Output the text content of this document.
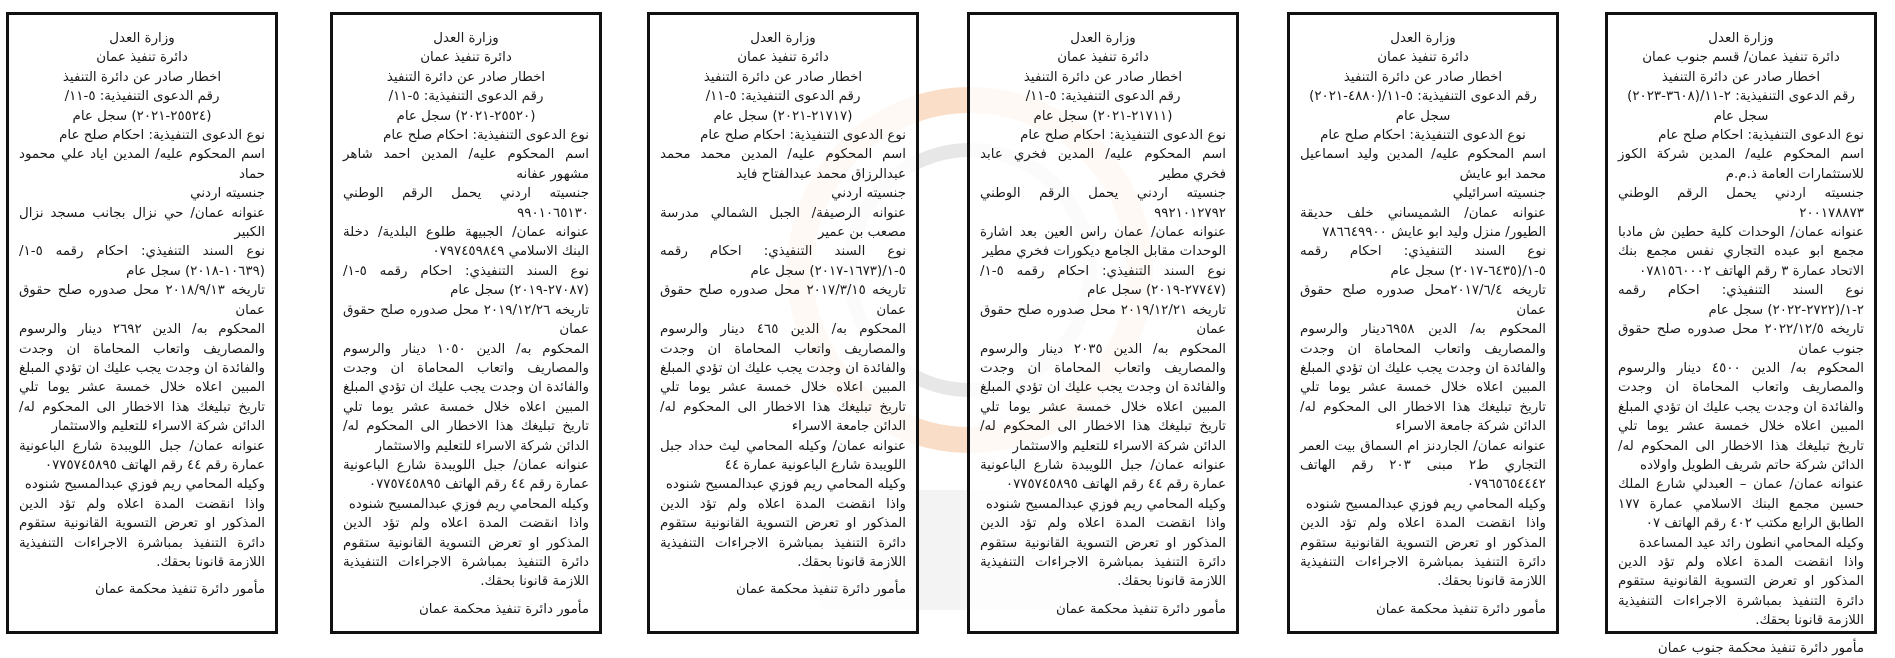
وزارة العدل
دائرة تنفيذ عمان/ قسم جنوب عمان
اخطار صادر عن دائرة التنفيذ
رقم الدعوى التنفيذية: ٢-١١/(٣٦٠٨-٢٠٢٣)
سجل عام
نوع الدعوى التنفيذية: احكام صلح عام
اسم المحكوم عليه/ المدين شركة الكوز للاستثمارات العامة ذ.م.م
جنسيته اردني يحمل الرقم الوطني ٢٠٠١٧٨٨٧٣
عنوانه عمان/ الوحدات كلية حطين ش مادبا مجمع ابو عبده التجاري نفس مجمع بنك الاتحاد عمارة ٣ رقم الهاتف ٠٧٨١٥٦٠٠٠٢
نوع السند التنفيذي: احكام رقمه ٢-١/(٢٧٢٢-٢٠٢٢) سجل عام
تاريخه ٢٠٢٢/١٢/٥ محل صدوره صلح حقوق جنوب عمان
المحكوم به/ الدين ٤٥٠٠ دينار والرسوم والمصاريف واتعاب المحاماة ان وجدت والفائدة ان وجدت يجب عليك ان تؤدي المبلغ المبين اعلاه خلال خمسة عشر يوما تلي تاريخ تبليغك هذا الاخطار الى المحكوم له/ الدائن شركة حاتم شريف الطويل واولاده
عنوانه عمان/ عمان – العبدلي شارع الملك حسين مجمع البنك الاسلامي عمارة ١٧٧ الطابق الرابع مكتب ٤٠٢ رقم الهاتف ٠٧
وكيله المحامي انطون رائد عيد المساعدة
واذا انقضت المدة اعلاه ولم تؤد الدين المذكور او تعرض التسوية القانونية ستقوم دائرة التنفيذ بمباشرة الاجراءات التنفيذية اللازمة قانونا بحقك.
مأمور دائرة تنفيذ محكمة جنوب عمان
وزارة العدل
دائرة تنفيذ عمان
اخطار صادر عن دائرة التنفيذ
رقم الدعوى التنفيذية: ٥-١١/(٤٨٨٠-٢٠٢١)
سجل عام
نوع الدعوى التنفيذية: احكام صلح عام
اسم المحكوم عليه/ المدين وليد اسماعيل محمد ابو عايش
جنسيته اسرائيلي
عنوانه عمان/ الشميساني خلف حديقة الطيور/ منزل وليد ابو عايش ٧٨٦٦٤٩٩٠٠
نوع السند التنفيذي: احكام رقمه ٥-١/(٦٤٣٥-٢٠١٧) سجل عام
تاريخه ٢٠١٧/٦/٤محل صدوره صلح حقوق عمان
المحكوم به/ الدين ٦٩٥٨دينار والرسوم والمصاريف واتعاب المحاماة ان وجدت والفائدة ان وجدت يجب عليك ان تؤدي المبلغ المبين اعلاه خلال خمسة عشر يوما تلي تاريخ تبليغك هذا الاخطار الى المحكوم له/ الدائن شركة جامعة الاسراء
عنوانه عمان/ الجاردنز ام السماق بيت العمر التجاري ط٢ مبنى ٢٠٣ رقم الهاتف ٠٧٩٦٥٦٥٤٤٤٢
وكيله المحامي ريم فوزي عبدالمسيح شنوده
واذا انقضت المدة اعلاه ولم تؤد الدين المذكور او تعرض التسوية القانونية ستقوم دائرة التنفيذ بمباشرة الاجراءات التنفيذية اللازمة قانونا بحقك.
مأمور دائرة تنفيذ محكمة عمان
وزارة العدل
دائرة تنفيذ عمان
اخطار صادر عن دائرة التنفيذ
رقم الدعوى التنفيذية: ٥-١١/
(٢١٧١١-٢٠٢١) سجل عام
نوع الدعوى التنفيذية: احكام صلح عام
اسم المحكوم عليه/ المدين فخري عابد فخري مطير
جنسيته اردني يحمل الرقم الوطني ٩٩٢١٠١٢٧٩٢
عنوانه عمان/ عمان راس العين بعد اشارة الوحدات مقابل الجامع ديكورات فخري مطير
نوع السند التنفيذي: احكام رقمه ٥-١/ (٢٧٧٤٧-٢٠١٩) سجل عام
تاريخه ٢٠١٩/١٢/٢١ محل صدوره صلح حقوق عمان
المحكوم به/ الدين ٢٠٣٥ دينار والرسوم والمصاريف واتعاب المحاماة ان وجدت والفائدة ان وجدت يجب عليك ان تؤدي المبلغ المبين اعلاه خلال خمسة عشر يوما تلي تاريخ تبليغك هذا الاخطار الى المحكوم له/ الدائن شركة الاسراء للتعليم والاستثمار
عنوانه عمان/ جبل اللويبدة شارع الباعونية عمارة رقم ٤٤ رقم الهاتف ٠٧٧٥٧٤٥٨٩٥
وكيله المحامي ريم فوزي عبدالمسيح شنوده
واذا انقضت المدة اعلاه ولم تؤد الدين المذكور او تعرض التسوية القانونية ستقوم دائرة التنفيذ بمباشرة الاجراءات التنفيذية اللازمة قانونا بحقك.
مأمور دائرة تنفيذ محكمة عمان
وزارة العدل
دائرة تنفيذ عمان
اخطار صادر عن دائرة التنفيذ
رقم الدعوى التنفيذية: ٥-١١/
(٢١٧١٧-٢٠٢١) سجل عام
نوع الدعوى التنفيذية: احكام صلح عام
اسم المحكوم عليه/ المدين محمد محمد عبدالرزاق محمد عبدالفتاح فايد
جنسيته اردني
عنوانه الرصيفة/ الجبل الشمالي مدرسة مصعب بن عمير
نوع السند التنفيذي: احكام رقمه ٥-١/(١٦٧٣-٢٠١٧) سجل عام
تاريخه ٢٠١٧/٣/١٥ محل صدوره صلح حقوق عمان
المحكوم به/ الدين ٤٦٥ دينار والرسوم والمصاريف واتعاب المحاماة ان وجدت والفائدة ان وجدت يجب عليك ان تؤدي المبلغ المبين اعلاه خلال خمسة عشر يوما تلي تاريخ تبليغك هذا الاخطار الى المحكوم له/ الدائن جامعة الاسراء
عنوانه عمان/ وكيله المحامي ليث حداد جبل اللويبدة شارع الباعونية عمارة ٤٤
وكيله المحامي ريم فوزي عبدالمسيح شنوده
واذا انقضت المدة اعلاه ولم تؤد الدين المذكور او تعرض التسوية القانونية ستقوم دائرة التنفيذ بمباشرة الاجراءات التنفيذية اللازمة قانونا بحقك.
مأمور دائرة تنفيذ محكمة عمان
وزارة العدل
دائرة تنفيذ عمان
اخطار صادر عن دائرة التنفيذ
رقم الدعوى التنفيذية: ٥-١١/
(٢٥٥٢٠-٢٠٢١) سجل عام
نوع الدعوى التنفيذية: احكام صلح عام
اسم المحكوم عليه/ المدين احمد شاهر مشهور عفانه
جنسيته اردني يحمل الرقم الوطني ٩٩٠١٠٦٥١٣٠
عنوانه عمان/ الجبيهة طلوع البلدية/ دخلة البنك الاسلامي ٠٧٩٧٤٥٩٨٤٩
نوع السند التنفيذي: احكام رقمه ٥-١/ (٢٧٠٨٧-٢٠١٩) سجل عام
تاريخه ٢٠١٩/١٢/٢٦ محل صدوره صلح حقوق عمان
المحكوم به/ الدين ١٠٥٠ دينار والرسوم والمصاريف واتعاب المحاماة ان وجدت والفائدة ان وجدت يجب عليك ان تؤدي المبلغ المبين اعلاه خلال خمسة عشر يوما تلي تاريخ تبليغك هذا الاخطار الى المحكوم له/ الدائن شركة الاسراء للتعليم والاستثمار
عنوانه عمان/ جبل اللويبدة شارع الباعونية عمارة رقم ٤٤ رقم الهاتف ٠٧٧٥٧٤٥٨٩٥
وكيله المحامي ريم فوزي عبدالمسيح شنوده
واذا انقضت المدة اعلاه ولم تؤد الدين المذكور او تعرض التسوية القانونية ستقوم دائرة التنفيذ بمباشرة الاجراءات التنفيذية اللازمة قانونا بحقك.
مأمور دائرة تنفيذ محكمة عمان
وزارة العدل
دائرة تنفيذ عمان
اخطار صادر عن دائرة التنفيذ
رقم الدعوى التنفيذية: ٥-١١/
(٢٥٥٢٤-٢٠٢١) سجل عام
نوع الدعوى التنفيذية: احكام صلح عام
اسم المحكوم عليه/ المدين اياد علي محمود حماد
جنسيته اردني
عنوانه عمان/ حي نزال بجانب مسجد نزال الكبير
نوع السند التنفيذي: احكام رقمه ٥-١/ (١٠٦٣٩-٢٠١٨) سجل عام
تاريخه ٢٠١٨/٩/١٣ محل صدوره صلح حقوق عمان
المحكوم به/ الدين ٢٦٩٢ دينار والرسوم والمصاريف واتعاب المحاماة ان وجدت والفائدة ان وجدت يجب عليك ان تؤدي المبلغ المبين اعلاه خلال خمسة عشر يوما تلي تاريخ تبليغك هذا الاخطار الى المحكوم له/ الدائن شركة الاسراء للتعليم والاستثمار
عنوانه عمان/ جبل اللويبدة شارع الباعونية عمارة رقم ٤٤ رقم الهاتف ٠٧٧٥٧٤٥٨٩٥
وكيله المحامي ريم فوزي عبدالمسيح شنوده
واذا انقضت المدة اعلاه ولم تؤد الدين المذكور او تعرض التسوية القانونية ستقوم دائرة التنفيذ بمباشرة الاجراءات التنفيذية اللازمة قانونا بحقك.
مأمور دائرة تنفيذ محكمة عمان
